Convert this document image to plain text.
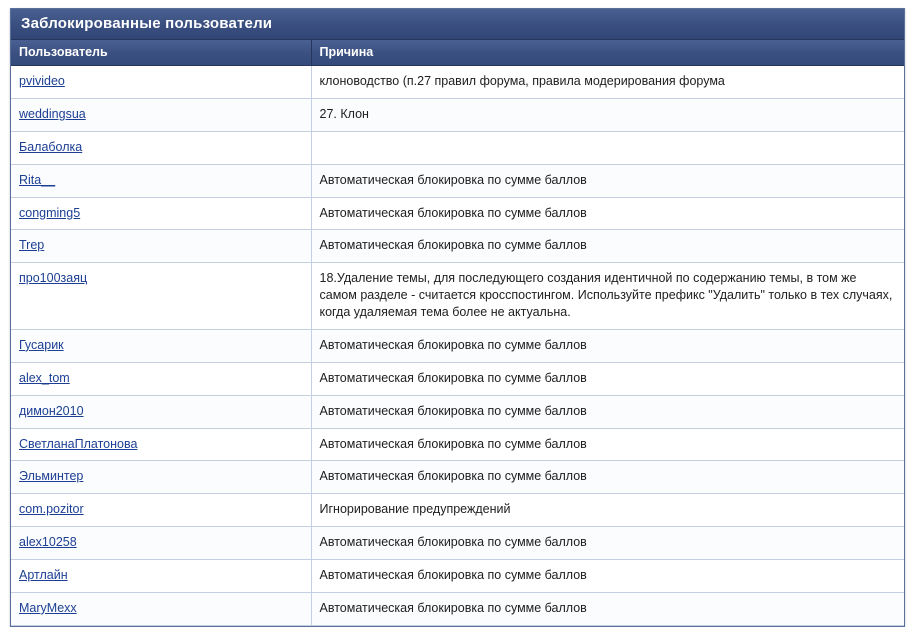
Заблокированные пользователи
Пользователь	Причина
pvivideo	клоноводство (п.27 правил форума, правила модерирования форума
weddingsua	27. Клон
Балаболка	
Rita__	Автоматическая блокировка по сумме баллов
congming5	Автоматическая блокировка по сумме баллов
Trep	Автоматическая блокировка по сумме баллов
про100заяц	18.Удаление темы, для последующего создания идентичной по содержанию темы, в том же самом разделе - считается кросспостингом. Используйте префикс "Удалить" только в тех случаях, когда удаляемая тема более не актуальна.
Гусарик	Автоматическая блокировка по сумме баллов
alex_tom	Автоматическая блокировка по сумме баллов
димон2010	Автоматическая блокировка по сумме баллов
СветланаПлатонова	Автоматическая блокировка по сумме баллов
Эльминтер	Автоматическая блокировка по сумме баллов
com.pozitor	Игнорирование предупреждений
alex10258	Автоматическая блокировка по сумме баллов
Артлайн	Автоматическая блокировка по сумме баллов
MaryMexx	Автоматическая блокировка по сумме баллов
